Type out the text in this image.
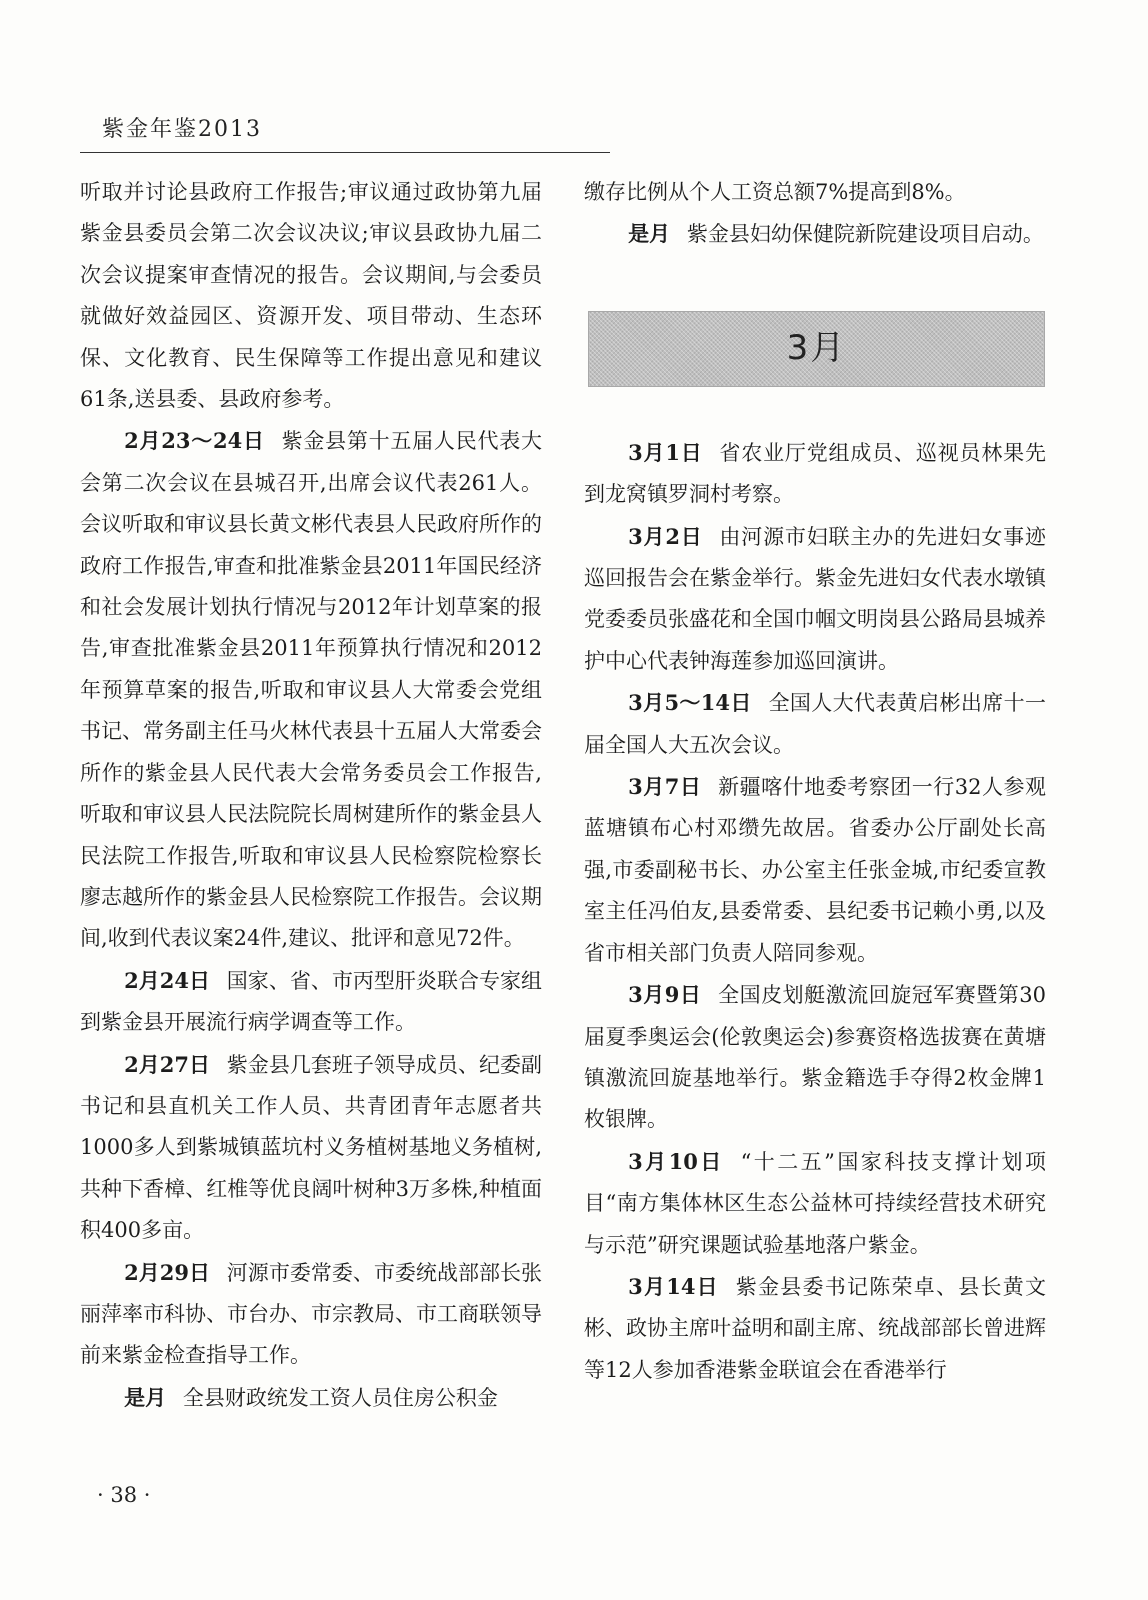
紫金年鉴2013

听取并讨论县政府工作报告;审议通过政协第九届紫金县委员会第二次会议决议;审议县政协九届二次会议提案审查情况的报告。会议期间,与会委员就做好效益园区、资源开发、项目带动、生态环保、文化教育、民生保障等工作提出意见和建议61条,送县委、县政府参考。

2月23～24日 紫金县第十五届人民代表大会第二次会议在县城召开,出席会议代表261人。会议听取和审议县长黄文彬代表县人民政府所作的政府工作报告,审查和批准紫金县2011年国民经济和社会发展计划执行情况与2012年计划草案的报告,审查批准紫金县2011年预算执行情况和2012年预算草案的报告,听取和审议县人大常委会党组书记、常务副主任马火林代表县十五届人大常委会所作的紫金县人民代表大会常务委员会工作报告,听取和审议县人民法院院长周树建所作的紫金县人民法院工作报告,听取和审议县人民检察院检察长廖志越所作的紫金县人民检察院工作报告。会议期间,收到代表议案24件,建议、批评和意见72件。

2月24日 国家、省、市丙型肝炎联合专家组到紫金县开展流行病学调查等工作。

2月27日 紫金县几套班子领导成员、纪委副书记和县直机关工作人员、共青团青年志愿者共1000多人到紫城镇蓝坑村义务植树基地义务植树,共种下香樟、红椎等优良阔叶树种3万多株,种植面积400多亩。

2月29日 河源市委常委、市委统战部部长张丽萍率市科协、市台办、市宗教局、市工商联领导前来紫金检查指导工作。

是月 全县财政统发工资人员住房公积金

缴存比例从个人工资总额7%提高到8%。

是月 紫金县妇幼保健院新院建设项目启动。

3月

3月1日 省农业厅党组成员、巡视员林果先到龙窝镇罗洞村考察。

3月2日 由河源市妇联主办的先进妇女事迹巡回报告会在紫金举行。紫金先进妇女代表水墩镇党委委员张盛花和全国巾帼文明岗县公路局县城养护中心代表钟海莲参加巡回演讲。

3月5～14日 全国人大代表黄启彬出席十一届全国人大五次会议。

3月7日 新疆喀什地委考察团一行32人参观蓝塘镇布心村邓缵先故居。省委办公厅副处长高强,市委副秘书长、办公室主任张金城,市纪委宣教室主任冯伯友,县委常委、县纪委书记赖小勇,以及省市相关部门负责人陪同参观。

3月9日 全国皮划艇激流回旋冠军赛暨第30届夏季奥运会(伦敦奥运会)参赛资格选拔赛在黄塘镇激流回旋基地举行。紫金籍选手夺得2枚金牌1枚银牌。

3月10日 “十二五”国家科技支撑计划项目“南方集体林区生态公益林可持续经营技术研究与示范”研究课题试验基地落户紫金。

3月14日 紫金县委书记陈荣卓、县长黄文彬、政协主席叶益明和副主席、统战部部长曾进辉等12人参加香港紫金联谊会在香港举行

· 38 ·
